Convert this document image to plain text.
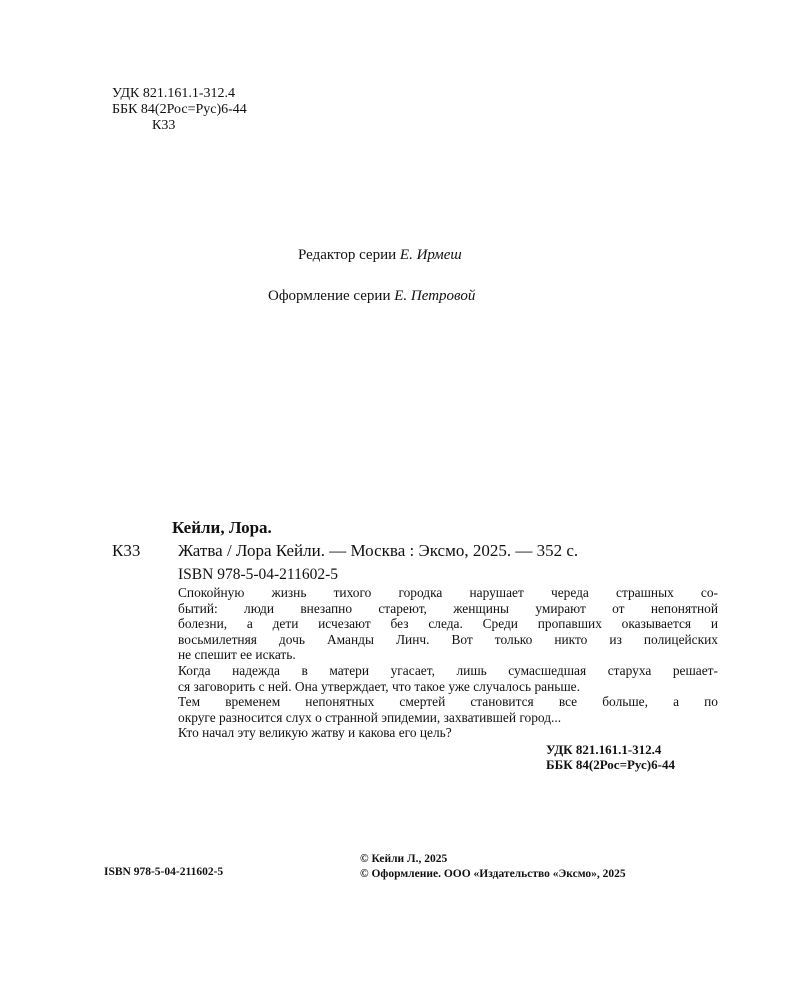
УДК 821.161.1-312.4
ББК 84(2Рос=Рус)6-44
К33
Редактор серии Е. Ирмеш
Оформление серии Е. Петровой
Кейли, Лора.
К33 Жатва / Лора Кейли. — Москва : Эксмо, 2025. — 352 с.
ISBN 978-5-04-211602-5
Спокойную жизнь тихого городка нарушает череда страшных со-
бытий: люди внезапно стареют, женщины умирают от непонятной
болезни, а дети исчезают без следа. Среди пропавших оказывается и
восьмилетняя дочь Аманды Линч. Вот только никто из полицейских
не спешит ее искать.
Когда надежда в матери угасает, лишь сумасшедшая старуха решает-
ся заговорить с ней. Она утверждает, что такое уже случалось раньше.
Тем временем непонятных смертей становится все больше, а по
округе разносится слух о странной эпидемии, захватившей город...
Кто начал эту великую жатву и какова его цель?
УДК 821.161.1-312.4
ББК 84(2Рос=Рус)6-44
ISBN 978-5-04-211602-5
© Кейли Л., 2025
© Оформление. ООО «Издательство «Эксмо», 2025
